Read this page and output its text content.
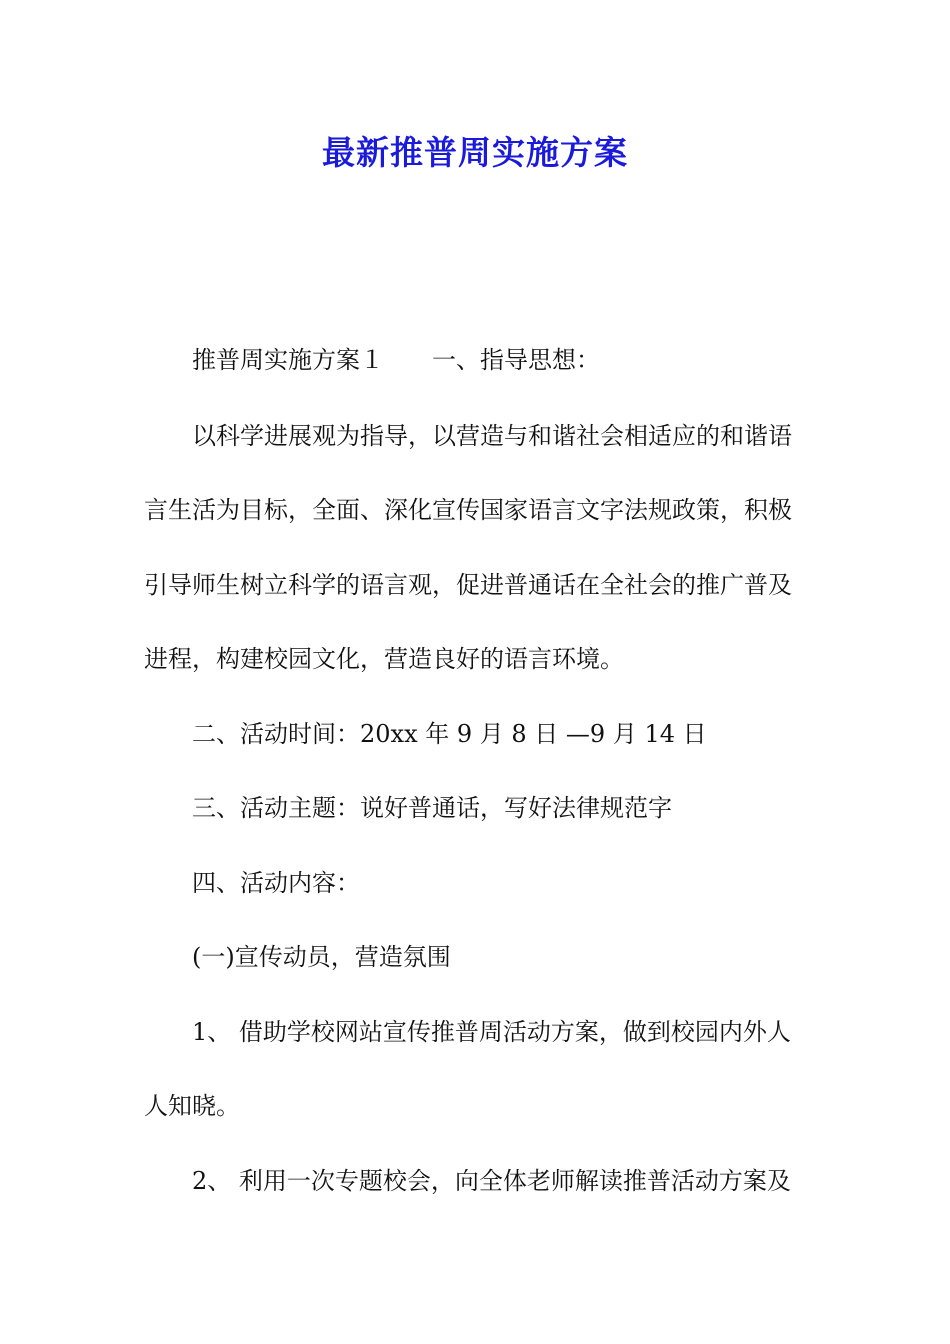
最新推普周实施方案
推普周实施方案１ 一、指导思想：
以科学进展观为指导，以营造与和谐社会相适应的和谐语
言生活为目标，全面、深化宣传国家语言文字法规政策，积极
引导师生树立科学的语言观，促进普通话在全社会的推广普及
进程，构建校园文化，营造良好的语言环境。
二、活动时间：20xx 年 9 月 8 日 —9 月 14 日
三、活动主题：说好普通话，写好法律规范字
四、活动内容：
(一)宣传动员，营造氛围
1、 借助学校网站宣传推普周活动方案，做到校园内外人
人知晓。
2、 利用一次专题校会，向全体老师解读推普活动方案及
